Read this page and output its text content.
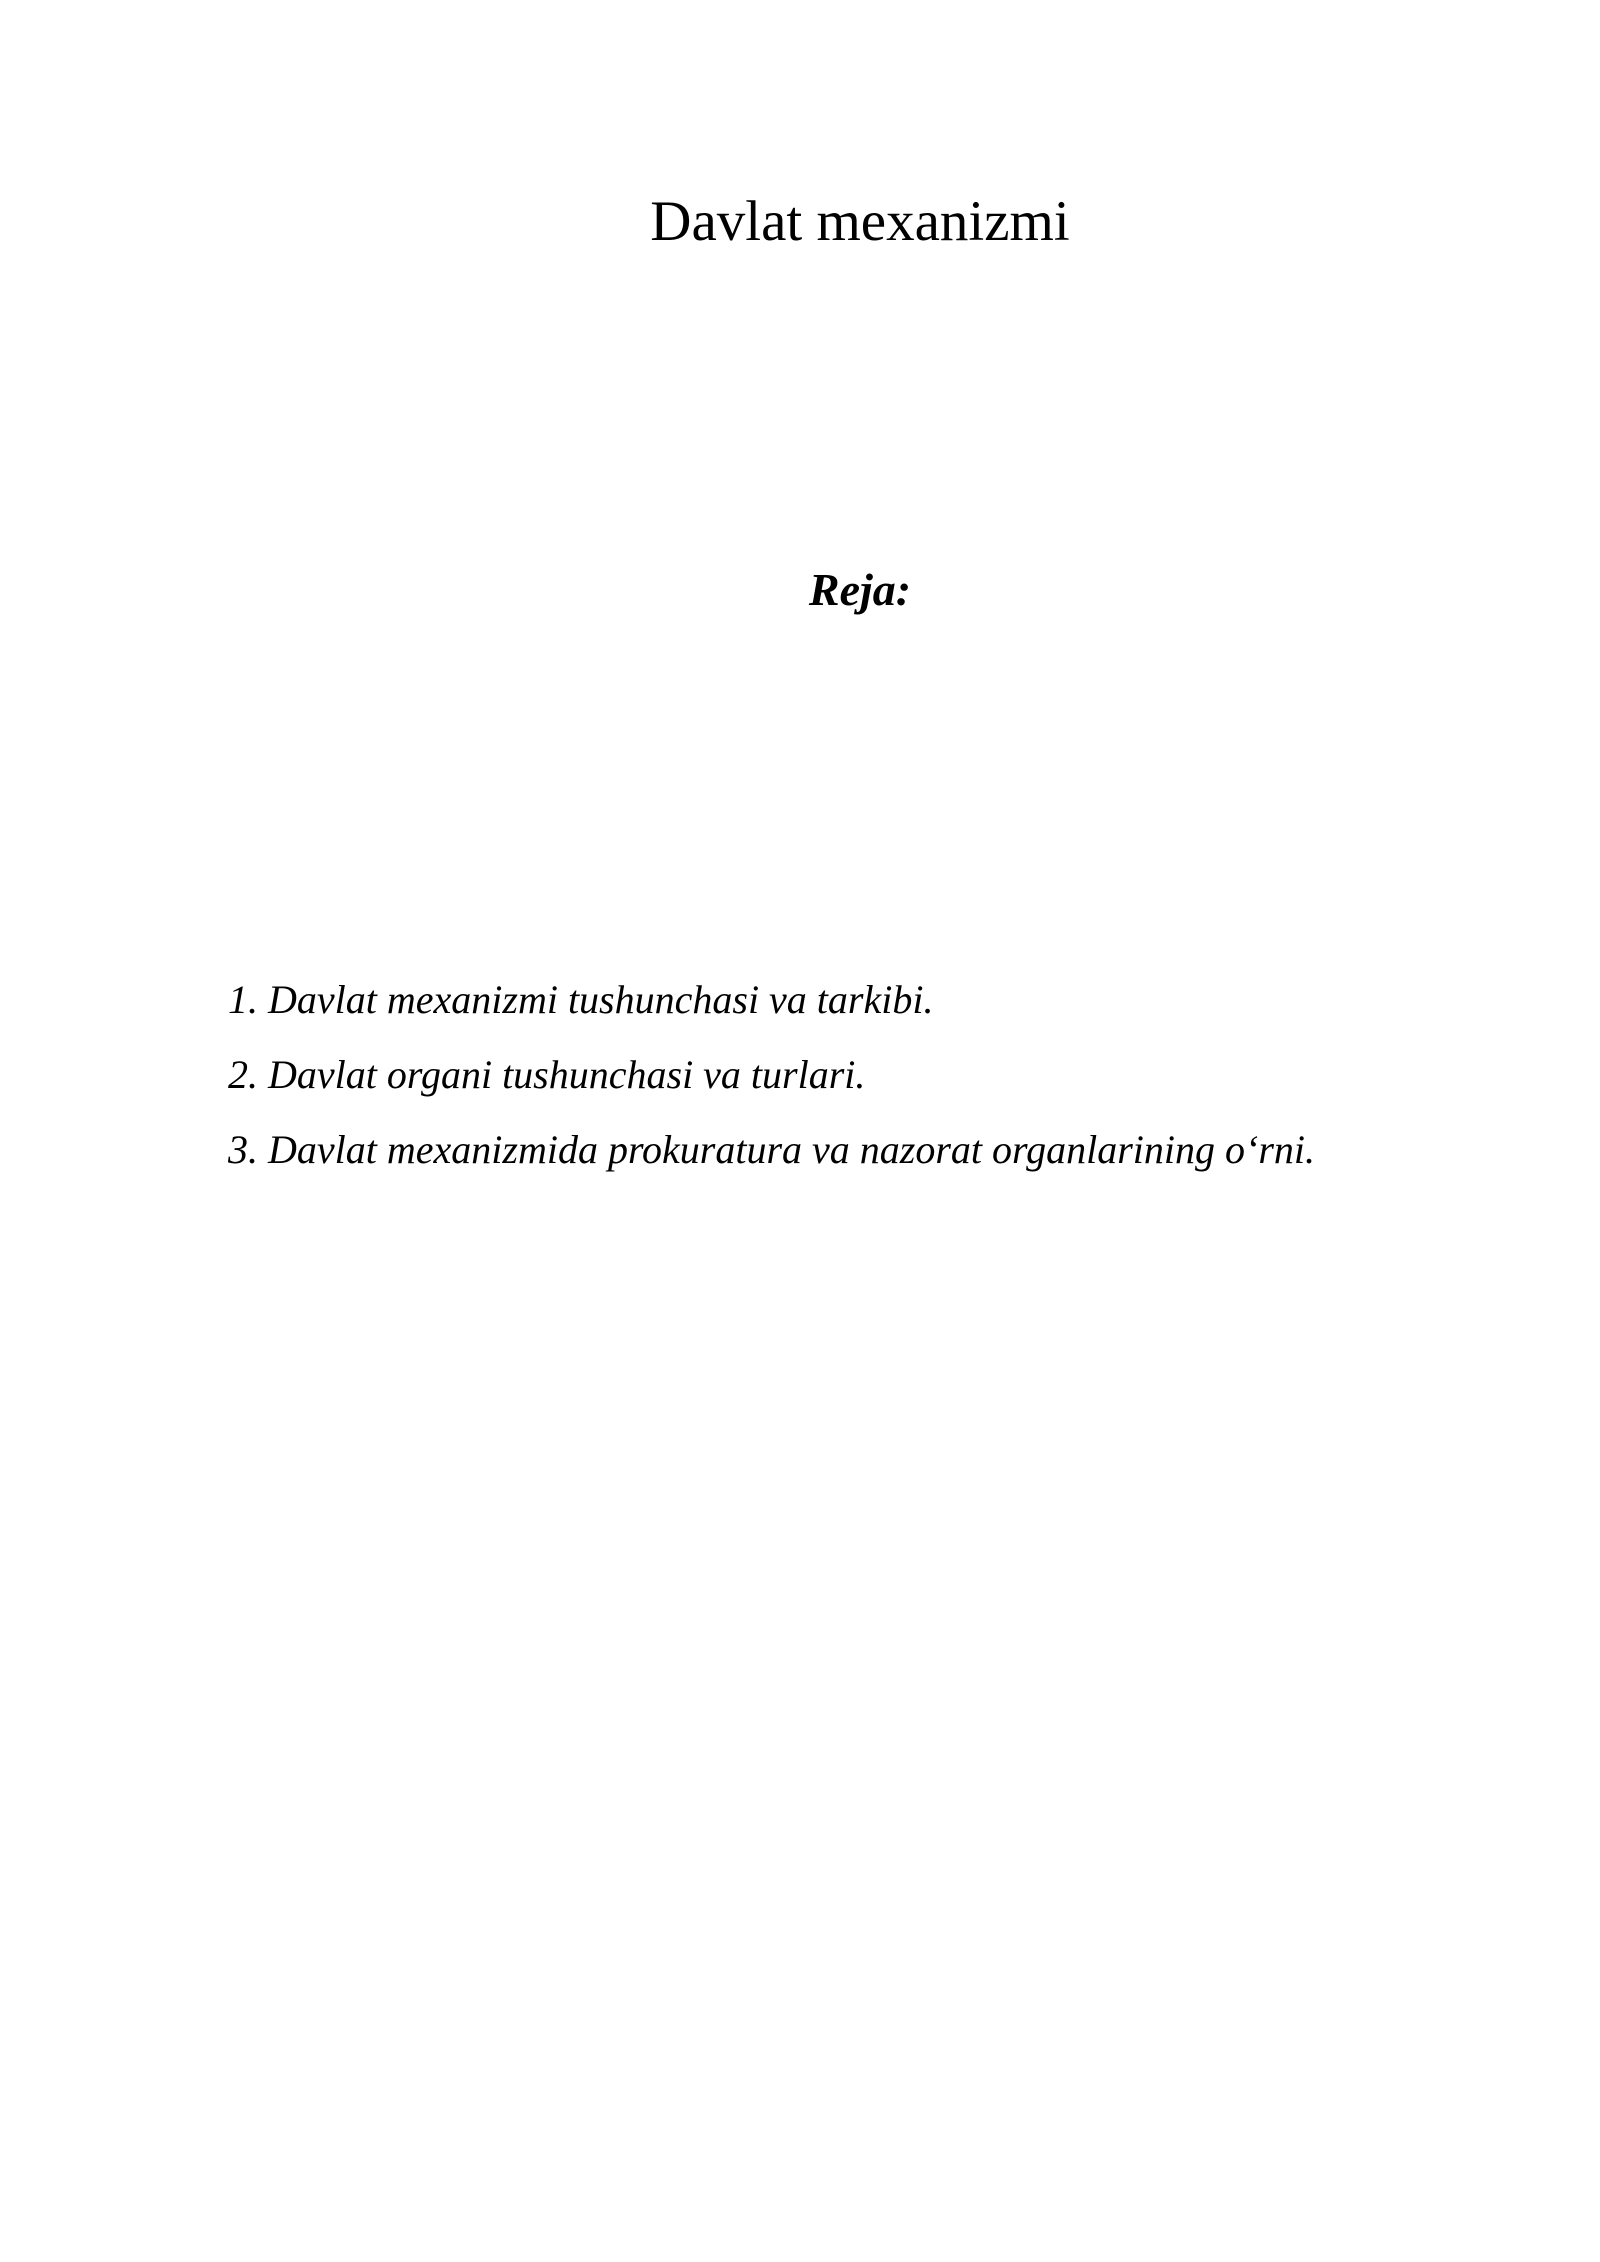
Davlat mexanizmi
Reja:
1. Davlat mexanizmi tushunchasi va tarkibi.
2. Davlat organi tushunchasi va turlari.
3. Davlat mexanizmida prokuratura va nazorat organlarining o‘rni.
